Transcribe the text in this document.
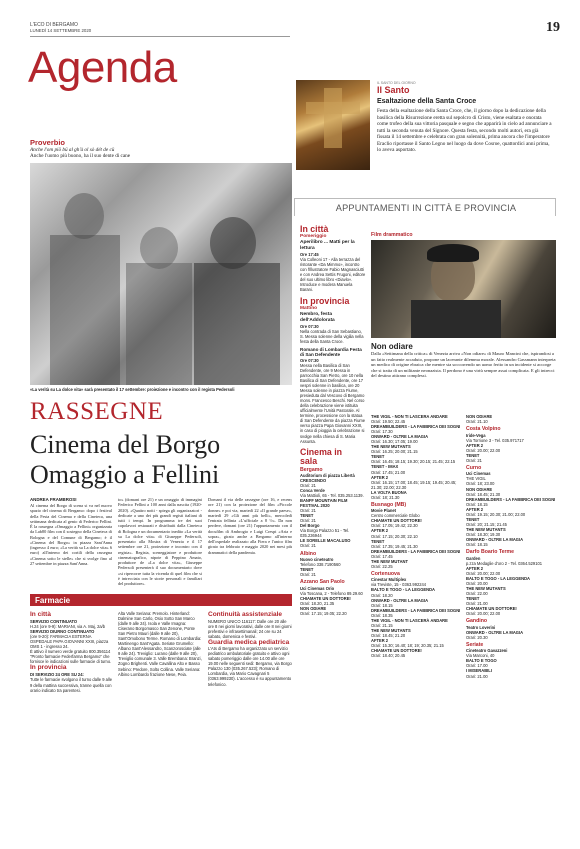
L'ECO DI BERGAMO
LUNEDÌ 14 SETTEMBRE 2020	19
Agenda
Proverbio
Anche l'om piö bü al gh'à ol sò dét de cü
Anche l'uomo più buono, ha il suo dente di cane
IL SANTO DEL GIORNO
Il Santo
Esaltazione della Santa Croce
Festa della esaltazione della Santa Croce, che, il giorno dopo la dedicazione della basilica della Risurrezione eretta sul sepolcro di Cristo, viene esaltata e onorata come trofeo della sua vittoria pasquale e segno che apparirà in cielo ad annunciare a tutti la seconda venuta del Signore. Questa festa, secondo molti autori, era già fissata il 14 settembre e celebrata con gran solennità, prima ancora che l'imperatore Eraclio riportasse il Santo Legno nel luogo da dove Cosroe, quattordici anni prima, lo aveva asportato.
APPUNTAMENTI IN CITTÀ E PROVINCIA
«La verità su La dolce vita» sarà presentato il 17 settembre: proiezione e incontro con il regista Pedersoli
RASSEGNE
Cinema del Borgo
Omaggio a Fellini
ANDREA FRAMBROSI
Al cinema del Borgo di scena si va nel nuovo spazio del cinema di Bergamo: dopo i festival della Festa del Cinema e della Cineteca, una settimana dedicata al genio di Federico Fellini. È la rassegna «Omaggio a Fellini» organizzata da Lab80 film con il sostegno della Cineteca di Bologna e del Comune di Bergamo; è il «Cinema del Borgo» in piazza Sant'Anna (ingresso 4 euro; «La verità su La dolce vita» 6 euro) all'interno dei cortili della rassegna «Cinema sotto le stelle» che si svolge fino al 27 settembre in piazza Sant'Anna.
to» (domani ore 21) e un omaggio di immagini Federico Fellini a 100 anni dalla nascita (1920-2020). «Quattro notti - spiega gli organizzatori - dedicate a uno dei più grandi registi italiani di tutti i tempi. In programma tre dei suoi capolavori restaurati e distribuiti dalla Cineteca di Bologna e un documentario inedito «La verità su La dolce vita» di Giuseppe Pedersoli, presentato alla Mostra di Venezia e il 17 settembre ore 21, proiezione e incontro con il regista». Regista, sceneggiatore e produttore cinematografico, nipote di Peppino Amato, produttore de «La dolce vita», Giuseppe Pedersoli presenterà il suo documentario dove «si ripercorre tutta la vicenda di quel film che si è intrecciata con le storie personali e familiari del produttore».
Domani il via delle rassegne (ore 16, e recens ore 21) con la proiezione del film «Piccole donne» e poi via, martedì 22 «Il grande paese», martedì 29 «Gli anni più belli», mercoledì l'entrata fellinia «L'ufficiale a 8 ½». Da non perdere, domani (ore 21) l'appuntamento con il docufilm di Ambrogio e Luigi Crespi «Aria e sopra», girato anche a Bergamo all'interno dell'ospedale realizzato alla Fiera e l'unico film girato tra febbraio e maggio 2020 nei mesi più drammatici della pandemia.
Farmacie
In città
SERVIZIO CONTINUATO
H.24 (ore 9-9): MARIANI, via A. Maj, 2a/b
SERVIZIO DIURNO CONTINUATO
(ore 9-20): FARMACIA ESTERNA OSPEDALE PAPA GIOVANNI XXIII, piazza OMS 1 - ingresso 24.
È attivo il numero verde gratuito 800.356114 "Pronto farmacie Federfarma Bergamo" che fornisce le indicazioni sulle farmacie di turno.
In provincia
DI SERVIZIO 24 ORE SU 24:
Tutte le farmacie svolgono il turno dalle 9 alle 9 della mattina successiva, tranne quella con orario indicato tra parentesi.
Alta Valle Seriana: Premolo. Hinterland: Dalmine San Carlo, Osio Sotto San Marco (dalle 9 alle 24). Isola e Valle Imagna: Ciserano Borgomasco San Zenone, Ponte San Pietro Mauri (dalle 9 alle 20), Sant'Omobono Terme. Romano di Lombardia: Martinengo Sant'Agata. Seriate Grumello: Albano Sant'Alessandro, Scanzorosciate (alle 9 alle 24). Treviglio: Lurano (dalle 9 alle 20), Treviglio comunale 3. Valle Brembana: Branzi, Zogno Brighenti. Valle Cavallina Alto e Basso Sebino: Predore, Solto Collina. Valle Seriana: Albino Lombardo frazione Nese, Peia.
Continuità assistenziale
NUMERO UNICO 116117: Dalle ore 20 alle ore 8 nei giorni lavorativi, dalle ore 8 nei giorni prefestivi e infrasettimanali; 24 ore su 24 sabato, domenica e festivi.
Guardia medica pediatrica
L'Ats di Bergamo ha organizzato un servizio pediatrico ambulatoriale gratuito e attivo ogni sabato pomeriggio dalle ore 14.00 alle ore 19.00 nelle seguenti sedi: Bergamo, via Borgo Palazzo 130 (035.267.523); Romano di Lombardia, via Mario Cavagnari 5 (0363.999230). L'accesso è su appuntamento telefonico.
In città
Pomeriggio
Aperilibro ... Matti per la lettura
Ore 17:45
Via Colleoni 17 - Alla terrazza del ristorante «Da Mimmo», incontro con l'illustratore Fabio Magnasciutti e con Andrea Settis Frugoni, editore del suo ultimo libro «Diavlo». Introduce e modera Manuela Barani.
In provincia
Mattino
Nembro, festa dell'Addolorata
Ore 07:30
Nella contrada di San Sebastiano, S. Messa solenne della vigilia nella festa della Santa Croce.
Romano di Lombardia Festa di San Defendente
Ore 07:30
Messa nella Basilica di San Defendente, ore 9 Messa in parrocchia San Pietro, ore 10 nella Basilica di San Defendente, ore 17 vespri solenne in basilica, ore 20 Messa solenne in piazza Fiume, presieduta dal Vescovo di Bergamo mons. Francesco Beschi. Nel corso della celebrazione viene istituita ufficialmente l'Unità Pastorale. Al termine, processione con la statua di San Defendente da piazza Fiume verso piazza Papa Giovanni XXIII, in caso di pioggia la celebrazione si svolge nella chiesa di S. Maria Assunta.
Cinema in sala
Bergamo
Auditorium di piazza Libertà
CRESCENDO
Orari: 21
Conca Verde
Via Mattioli, 65 - Tel. 035.253.1139.
BANFF MOUNTAIN FILM FESTIVAL 2020
Orari: 21
TENET
Orari: 21
Del Borgo
Via Borgo Palazzo 51 - Tel. 035.236944
LE SORELLE MACALUSO
Orari: 21
Albino
Nuovo cineteatro
Telefono 338.7190560
TENET
Orari: 21
Azzano San Paolo
Uci Cinemas Orio
Via Toscana, 2 - Telefono 89.29.60
CHIAMATE UN DOTTORE!
Orari: 18.20, 21.35
NON ODIARE
Orari: 17.15; 19.05; 22.20
Film drammatico
Non odiare
Dalla «Settimana della critica» di Venezia arriva «Non odiare» di Mauro Mancini che, ispirandosi a un fatto realmente accaduto, propone un lacerante dilemma morale. Alessandro Gassmann interpreta un medico di origine ebraica che mentre sta soccorrendo un uomo ferito in un incidente si accorge che si tratta di un militante neonazista. Il perdono è una virtù sempre assai complicata. E gli intrecci del destino attirano complessi.
THE VIGIL - NON TI LASCERA ANDARE
Orari: 19.50; 22.45
DREAMBUILDERS - LA FABBRICA DEI SOGNI
Orari: 17.30
ONWARD - OLTRE LA MAGIA
Orari: 16.30; 17.05; 19.00
THE NEW MUTANTS
Orari: 16.25; 20.00; 21.15
TENET
Orari: 16.45; 18.15; 19.30; 20.15; 21.45; 22.15
TENET - IMAX
Orari: 17.45; 21.00
AFTER 2
Orari: 16.15; 17.00; 18.45; 19.15; 19.45; 20.45; 21.30; 22.00; 22.30
LA VOLTA BUONA
Orari: 18; 21.30
Busnago (MB)
Movie Planet
Centro commerciale Globo
CHIAMATE UN DOTTORE!
Orari: 17.05; 19.42; 22.30
AFTER 2
Orari: 17.15; 20.30; 22.10
TENET
Orari: 17.35; 19.45; 21.30
DREAMBUILDERS - LA FABBRICA DEI SOGNI
Orari: 17.45
THE NEW MUTANT
Orari: 22.25
Cortenuova
Cinestar Multiplex
via Treviste, 15 - 0363.992244
BALTO E TOGO - LA LEGGENDA
Orari: 18.20
ONWARD - OLTRE LA MAGIA
Orari: 18.15
DREAMBUILDERS - LA FABBRICA DEI SOGNI
Orari: 18.35
THE VIGIL - NON TI LASCERÀ ANDARE
Orari: 21.15
THE NEW MUTANTS
Orari: 18.45; 21.20
AFTER 2
Orari: 15.30; 16.40; 18; 19; 20.35; 21.15
CHIAMATE UN DOTTORE!
Orari: 18.40; 20.45
NON ODIARE
Orari: 21.10
Costa Volpino
Iride-Vega
Via Torrione 3 - Tel. 035.971717
AFTER 2
Orari: 20.00; 22.00
TENET
Orari: 21
Curno
Uci Cinemas
THE VIGIL
Orari: 18; 23.00
NON ODIARE
Orari: 18.45; 21.30
DREAMBUILDERS - LA FABBRICA DEI SOGNI
Orari: 18.15
AFTER 2
Orari: 19.15; 20.30; 21.00; 22.00
TENET
Orari: 20; 21.15; 21.45
THE NEW MUTANTS
Orari: 18.30; 19.30
ONWARD - OLTRE LA MAGIA
Orari: 18.15
Darfo Boario Terme
Garden
p.zza Medaglie d'oro 2 - Tel. 0364.529101
AFTER 2
Orari: 20.00; 22.00
BALTO E TOGO - LA LEGGENDA
Orari: 20.00
THE NEW MUTANTS
Orari: 22.00
TENET
Orari: 21.00
CHIAMATE UN DOTTORE!
Orari: 20.00; 22.00
Gandino
Teatro Loverini
ONWARD - OLTRE LA MAGIA
Orari: 20.30
Seriate
Cineteatro Gavazzeni
Via Marconi, 40
BALTO E TOGO
Orari: 17.00
I MISERABILI
Orari: 21.00
